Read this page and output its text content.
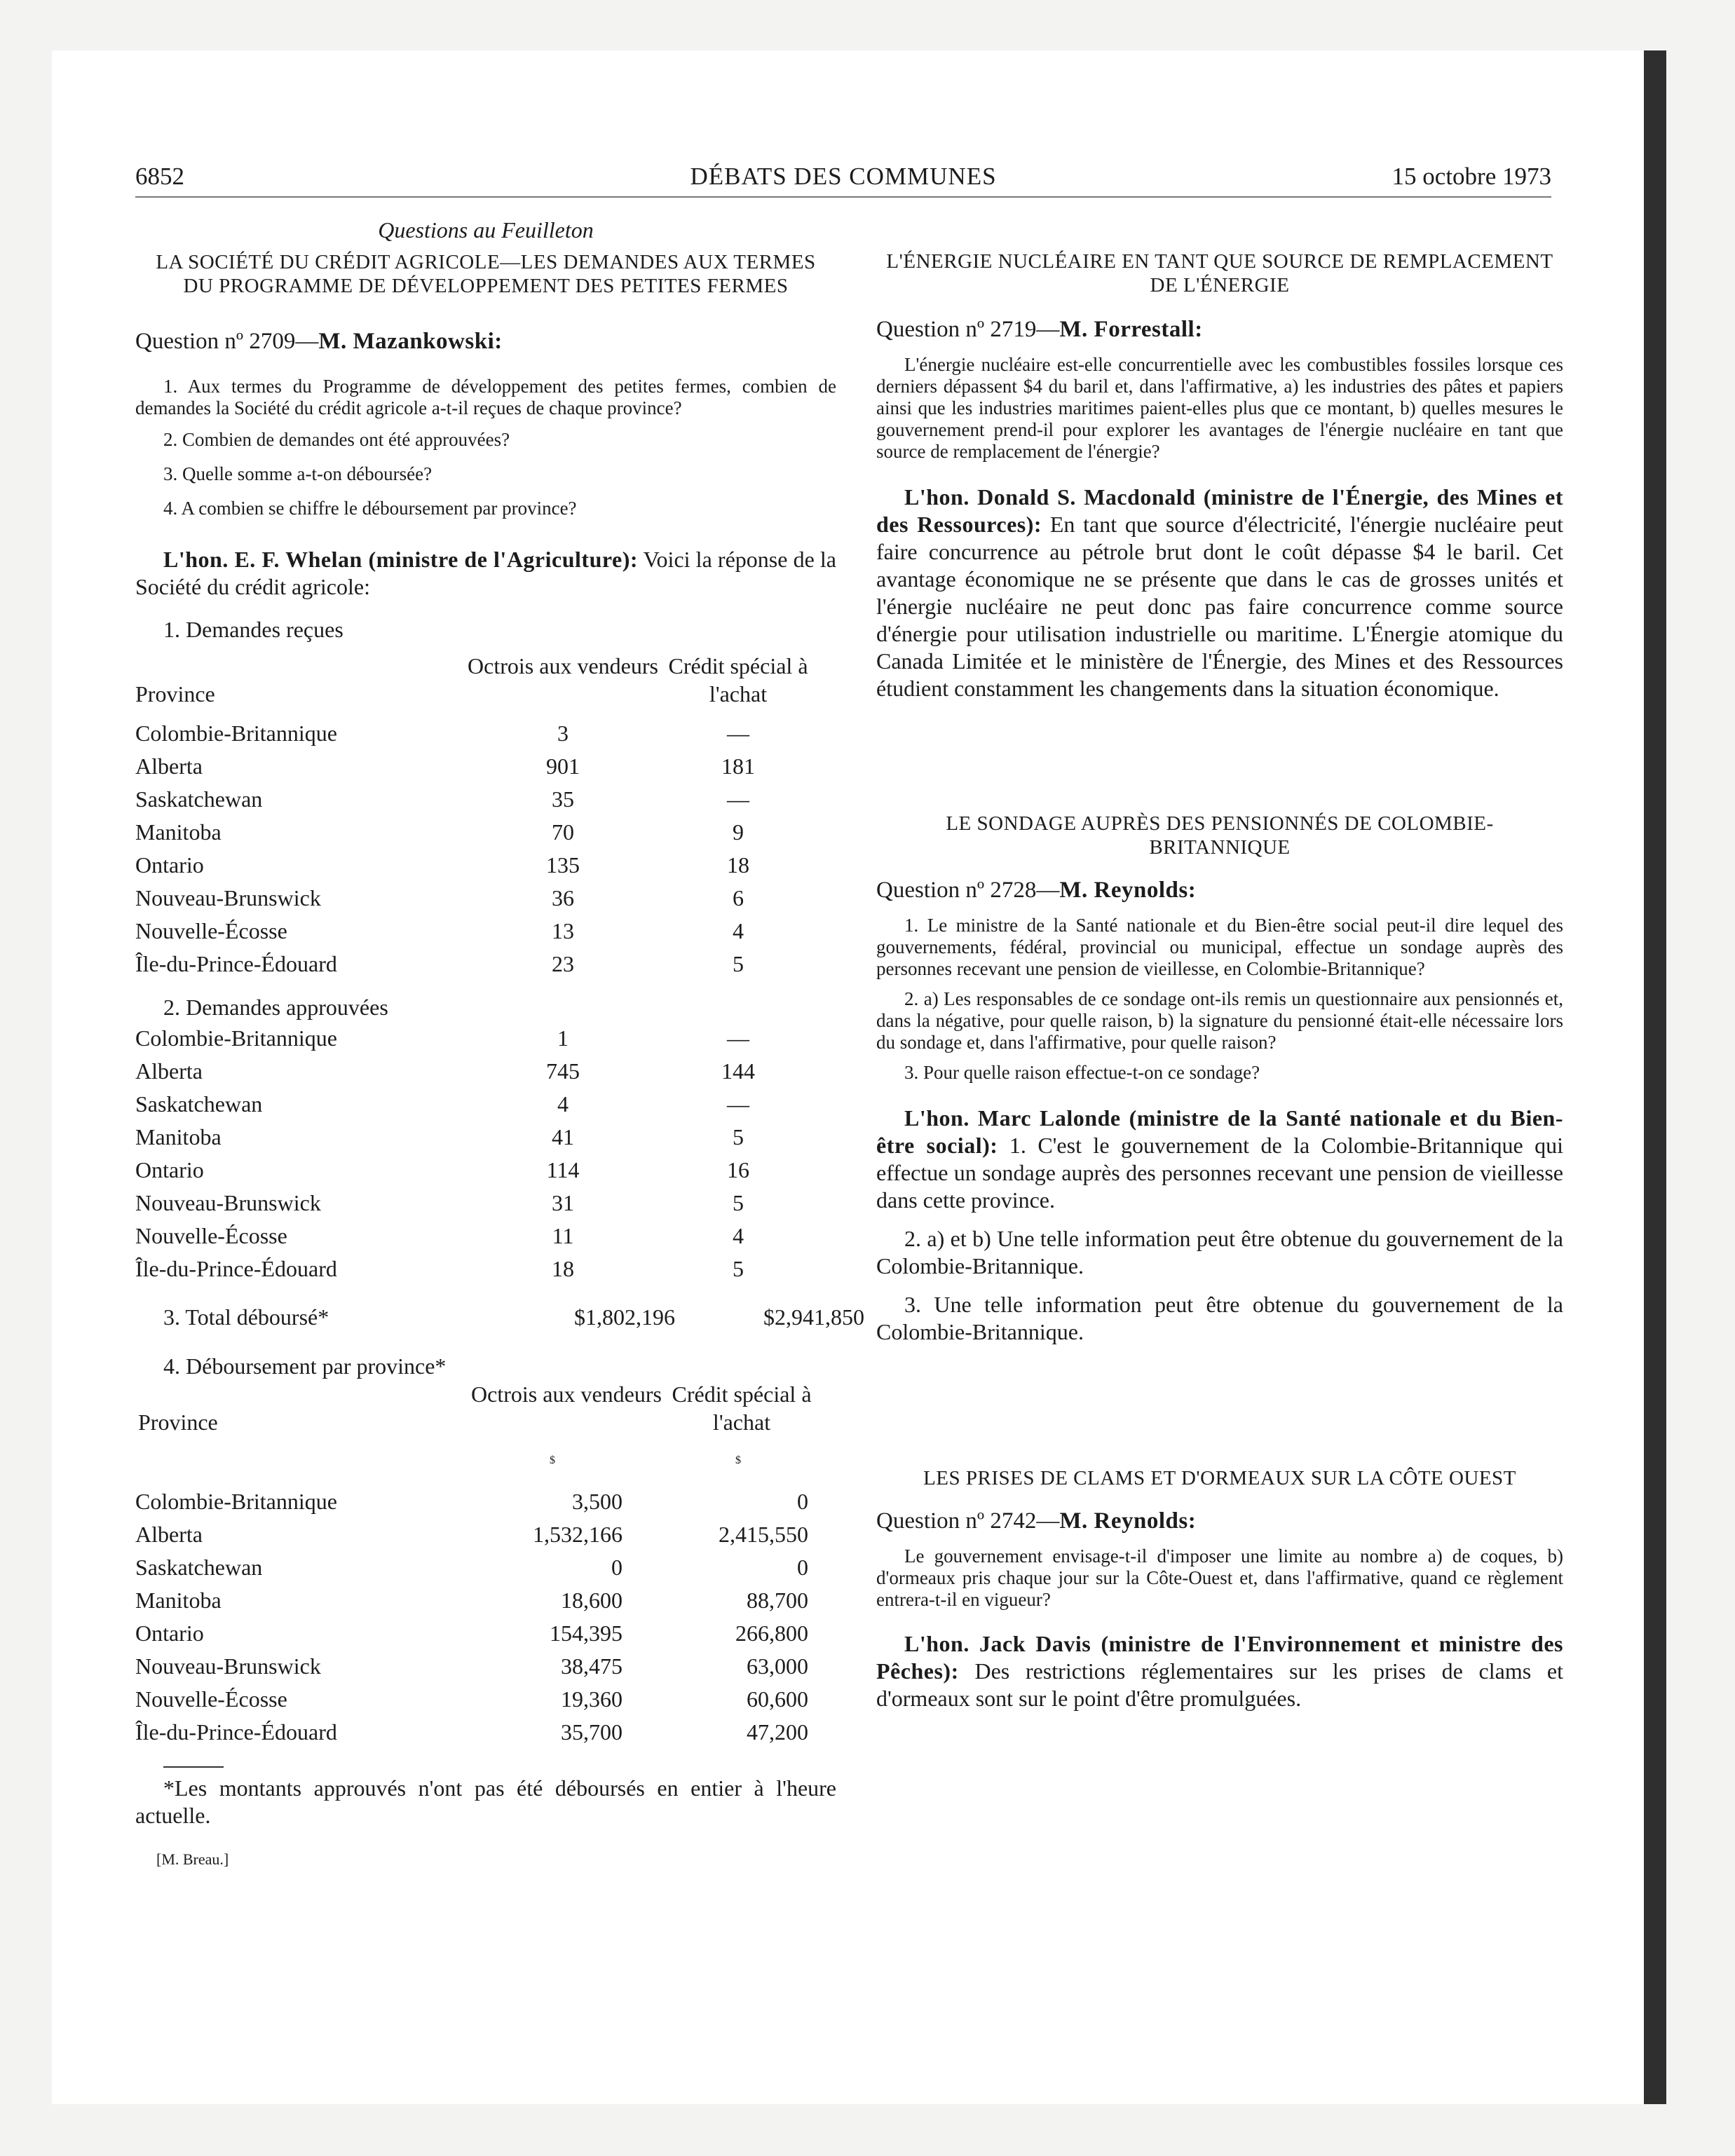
6852	DÉBATS DES COMMUNES	15 octobre 1973

Questions au Feuilleton

LA SOCIÉTÉ DU CRÉDIT AGRICOLE—LES DEMANDES AUX TERMES DU PROGRAMME DE DÉVELOPPEMENT DES PETITES FERMES

Question nº 2709—M. Mazankowski:

1. Aux termes du Programme de développement des petites fermes, combien de demandes la Société du crédit agricole a-t-il reçues de chaque province?

2. Combien de demandes ont été approuvées?

3. Quelle somme a-t-on déboursée?

4. A combien se chiffre le déboursement par province?

L'hon. E. F. Whelan (ministre de l'Agriculture): Voici la réponse de la Société du crédit agricole:

1. Demandes reçues

Province
Octrois aux vendeurs Crédit spécial à l'achat
Colombie-Britannique	3	—
Alberta	901	181
Saskatchewan	35	—
Manitoba	70	9
Ontario	135	18
Nouveau-Brunswick	36	6
Nouvelle-Écosse	13	4
Île-du-Prince-Édouard	23	5

2. Demandes approuvées

Colombie-Britannique	1	—
Alberta	745	144
Saskatchewan	4	—
Manitoba	41	5
Ontario	114	16
Nouveau-Brunswick	31	5
Nouvelle-Écosse	11	4
Île-du-Prince-Édouard	18	5
3. Total déboursé*	$1,802,196	$2,941,850

4. Déboursement par province*

Province
Octrois aux vendeurs Crédit spécial à l'achat
$	$
Colombie-Britannique	3,500	0
Alberta	1,532,166	2,415,550
Saskatchewan	0	0
Manitoba	18,600	88,700
Ontario	154,395	266,800
Nouveau-Brunswick	38,475	63,000
Nouvelle-Écosse	19,360	60,600
Île-du-Prince-Édouard	35,700	47,200

*Les montants approuvés n'ont pas été déboursés en entier à l'heure actuelle.

[M. Breau.]

L'ÉNERGIE NUCLÉAIRE EN TANT QUE SOURCE DE REMPLACEMENT DE L'ÉNERGIE

Question nº 2719—M. Forrestall:

L'énergie nucléaire est-elle concurrentielle avec les combustibles fossiles lorsque ces derniers dépassent $4 du baril et, dans l'affirmative, a) les industries des pâtes et papiers ainsi que les industries maritimes paient-elles plus que ce montant, b) quelles mesures le gouvernement prend-il pour explorer les avantages de l'énergie nucléaire en tant que source de remplacement de l'énergie?

L'hon. Donald S. Macdonald (ministre de l'Énergie, des Mines et des Ressources): En tant que source d'électricité, l'énergie nucléaire peut faire concurrence au pétrole brut dont le coût dépasse $4 le baril. Cet avantage économique ne se présente que dans le cas de grosses unités et l'énergie nucléaire ne peut donc pas faire concurrence comme source d'énergie pour utilisation industrielle ou maritime. L'Énergie atomique du Canada Limitée et le ministère de l'Énergie, des Mines et des Ressources étudient constamment les changements dans la situation économique.

LE SONDAGE AUPRÈS DES PENSIONNÉS DE COLOMBIE-BRITANNIQUE

Question nº 2728—M. Reynolds:

1. Le ministre de la Santé nationale et du Bien-être social peut-il dire lequel des gouvernements, fédéral, provincial ou municipal, effectue un sondage auprès des personnes recevant une pension de vieillesse, en Colombie-Britannique?

2. a) Les responsables de ce sondage ont-ils remis un questionnaire aux pensionnés et, dans la négative, pour quelle raison, b) la signature du pensionné était-elle nécessaire lors du sondage et, dans l'affirmative, pour quelle raison?

3. Pour quelle raison effectue-t-on ce sondage?

L'hon. Marc Lalonde (ministre de la Santé nationale et du Bien-être social): 1. C'est le gouvernement de la Colombie-Britannique qui effectue un sondage auprès des personnes recevant une pension de vieillesse dans cette province.

2. a) et b) Une telle information peut être obtenue du gouvernement de la Colombie-Britannique.

3. Une telle information peut être obtenue du gouvernement de la Colombie-Britannique.

LES PRISES DE CLAMS ET D'ORMEAUX SUR LA CÔTE OUEST

Question nº 2742—M. Reynolds:

Le gouvernement envisage-t-il d'imposer une limite au nombre a) de coques, b) d'ormeaux pris chaque jour sur la Côte-Ouest et, dans l'affirmative, quand ce règlement entrera-t-il en vigueur?

L'hon. Jack Davis (ministre de l'Environnement et ministre des Pêches): Des restrictions réglementaires sur les prises de clams et d'ormeaux sont sur le point d'être promulguées.
